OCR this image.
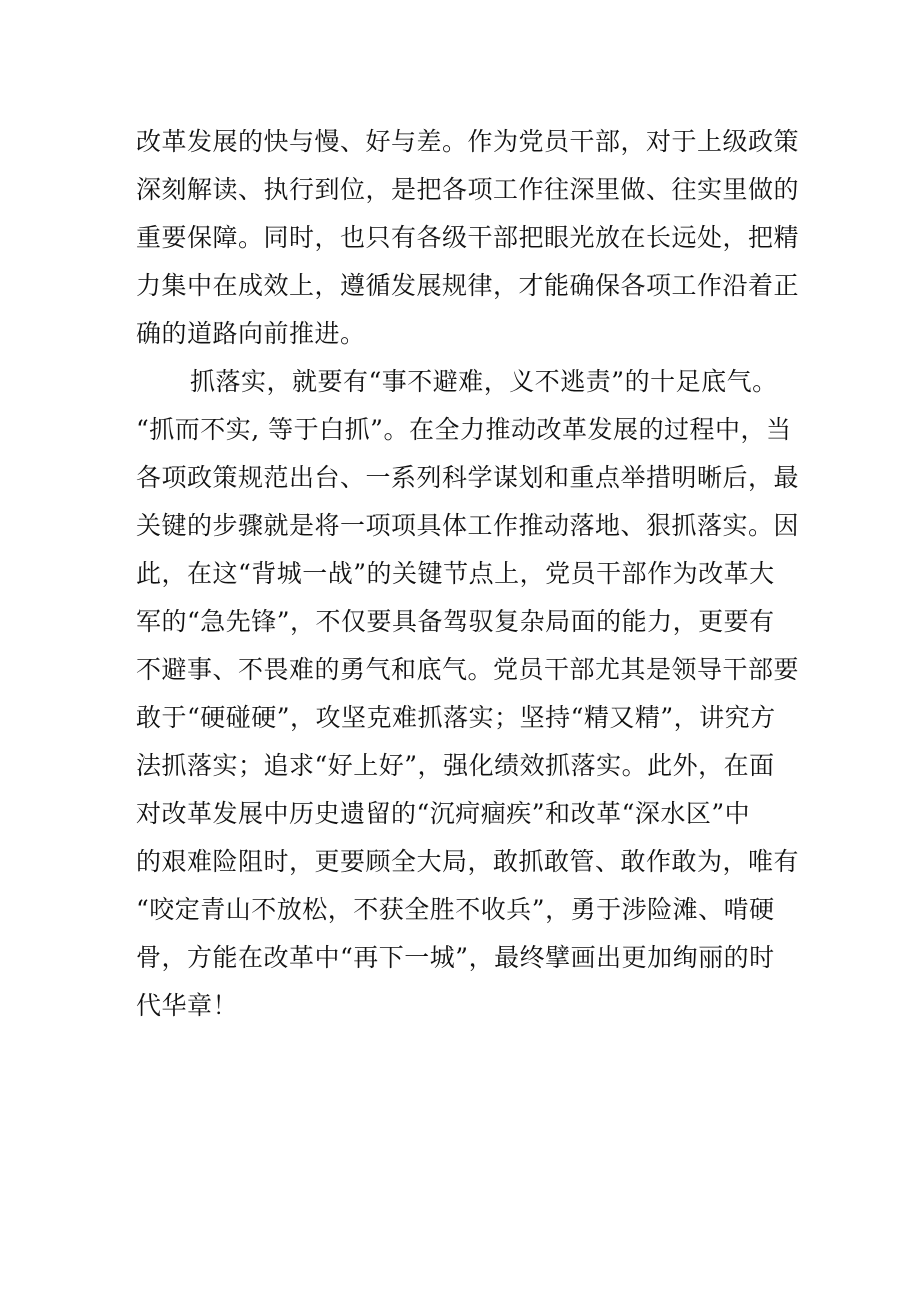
改革发展的快与慢、好与差。作为党员干部，对于上级政策
深刻解读、执行到位，是把各项工作往深里做、往实里做的
重要保障。同时，也只有各级干部把眼光放在长远处，把精
力集中在成效上，遵循发展规律，才能确保各项工作沿着正
确的道路向前推进。
抓落实，就要有“事不避难，义不逃责”的十足底气。
“抓而不实, 等于白抓”。在全力推动改革发展的过程中，当
各项政策规范出台、一系列科学谋划和重点举措明晰后，最
关键的步骤就是将一项项具体工作推动落地、狠抓落实。因
此，在这“背城一战”的关键节点上，党员干部作为改革大
军的“急先锋”，不仅要具备驾驭复杂局面的能力，更要有
不避事、不畏难的勇气和底气。党员干部尤其是领导干部要
敢于“硬碰硬”，攻坚克难抓落实；坚持“精又精”，讲究方
法抓落实；追求“好上好”，强化绩效抓落实。此外，在面
对改革发展中历史遗留的“沉疴痼疾”和改革“深水区”中
的艰难险阻时，更要顾全大局，敢抓敢管、敢作敢为，唯有
“咬定青山不放松，不获全胜不收兵”，勇于涉险滩、啃硬
骨，方能在改革中“再下一城”，最终擘画出更加绚丽的时
代华章！
